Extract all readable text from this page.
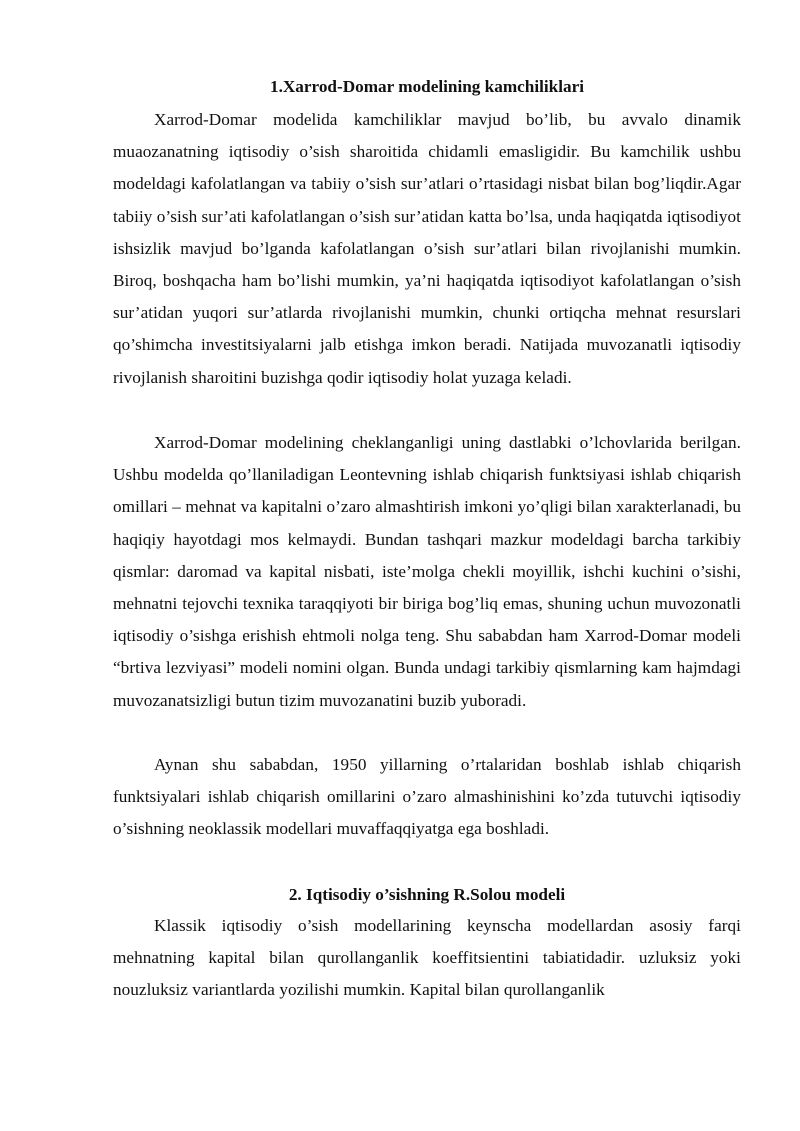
1.Xarrod-Domar modelining kamchiliklari

Xarrod-Domar modelida kamchiliklar mavjud bo’lib, bu avvalo dinamik muaozanatning iqtisodiy o’sish sharoitida chidamli emasligidir. Bu kamchilik ushbu modeldagi kafolatlangan va tabiiy o’sish sur’atlari o’rtasidagi nisbat bilan bog’liqdir.Agar tabiiy o’sish sur’ati kafolatlangan o’sish sur’atidan katta bo’lsa, unda haqiqatda iqtisodiyot ishsizlik mavjud bo’lganda kafolatlangan o’sish sur’atlari bilan rivojlanishi mumkin. Biroq, boshqacha ham bo’lishi mumkin, ya’ni haqiqatda iqtisodiyot kafolatlangan o’sish sur’atidan yuqori sur’atlarda rivojlanishi mumkin, chunki ortiqcha mehnat resurslari qo’shimcha investitsiyalarni jalb etishga imkon beradi. Natijada muvozanatli iqtisodiy rivojlanish sharoitini buzishga qodir iqtisodiy holat yuzaga keladi.

Xarrod-Domar modelining cheklanganligi uning dastlabki o’lchovlarida berilgan. Ushbu modelda qo’llaniladigan Leontevning ishlab chiqarish funktsiyasi ishlab chiqarish omillari – mehnat va kapitalni o’zaro almashtirish imkoni yo’qligi bilan xarakterlanadi, bu haqiqiy hayotdagi mos kelmaydi. Bundan tashqari mazkur modeldagi barcha tarkibiy qismlar: daromad va kapital nisbati, iste’molga chekli moyillik, ishchi kuchini o’sishi, mehnatni tejovchi texnika taraqqiyoti bir biriga bog’liq emas, shuning uchun muvozonatli iqtisodiy o’sishga erishish ehtmoli nolga teng. Shu sababdan ham Xarrod-Domar modeli “brtiva lezviyasi” modeli nomini olgan. Bunda undagi tarkibiy qismlarning kam hajmdagi muvozanatsizligi butun tizim muvozanatini buzib yuboradi.

Aynan shu sababdan, 1950 yillarning o’rtalaridan boshlab ishlab chiqarish funktsiyalari ishlab chiqarish omillarini o’zaro almashinishini ko’zda tutuvchi iqtisodiy o’sishning neoklassik modellari muvaffaqqiyatga ega boshladi.

2. Iqtisodiy o’sishning R.Solou modeli

Klassik iqtisodiy o’sish modellarining keynscha modellardan asosiy farqi mehnatning kapital bilan qurollanganlik koeffitsientini tabiatidadir. uzluksiz yoki nouzluksiz variantlarda yozilishi mumkin. Kapital bilan qurollanganlik
